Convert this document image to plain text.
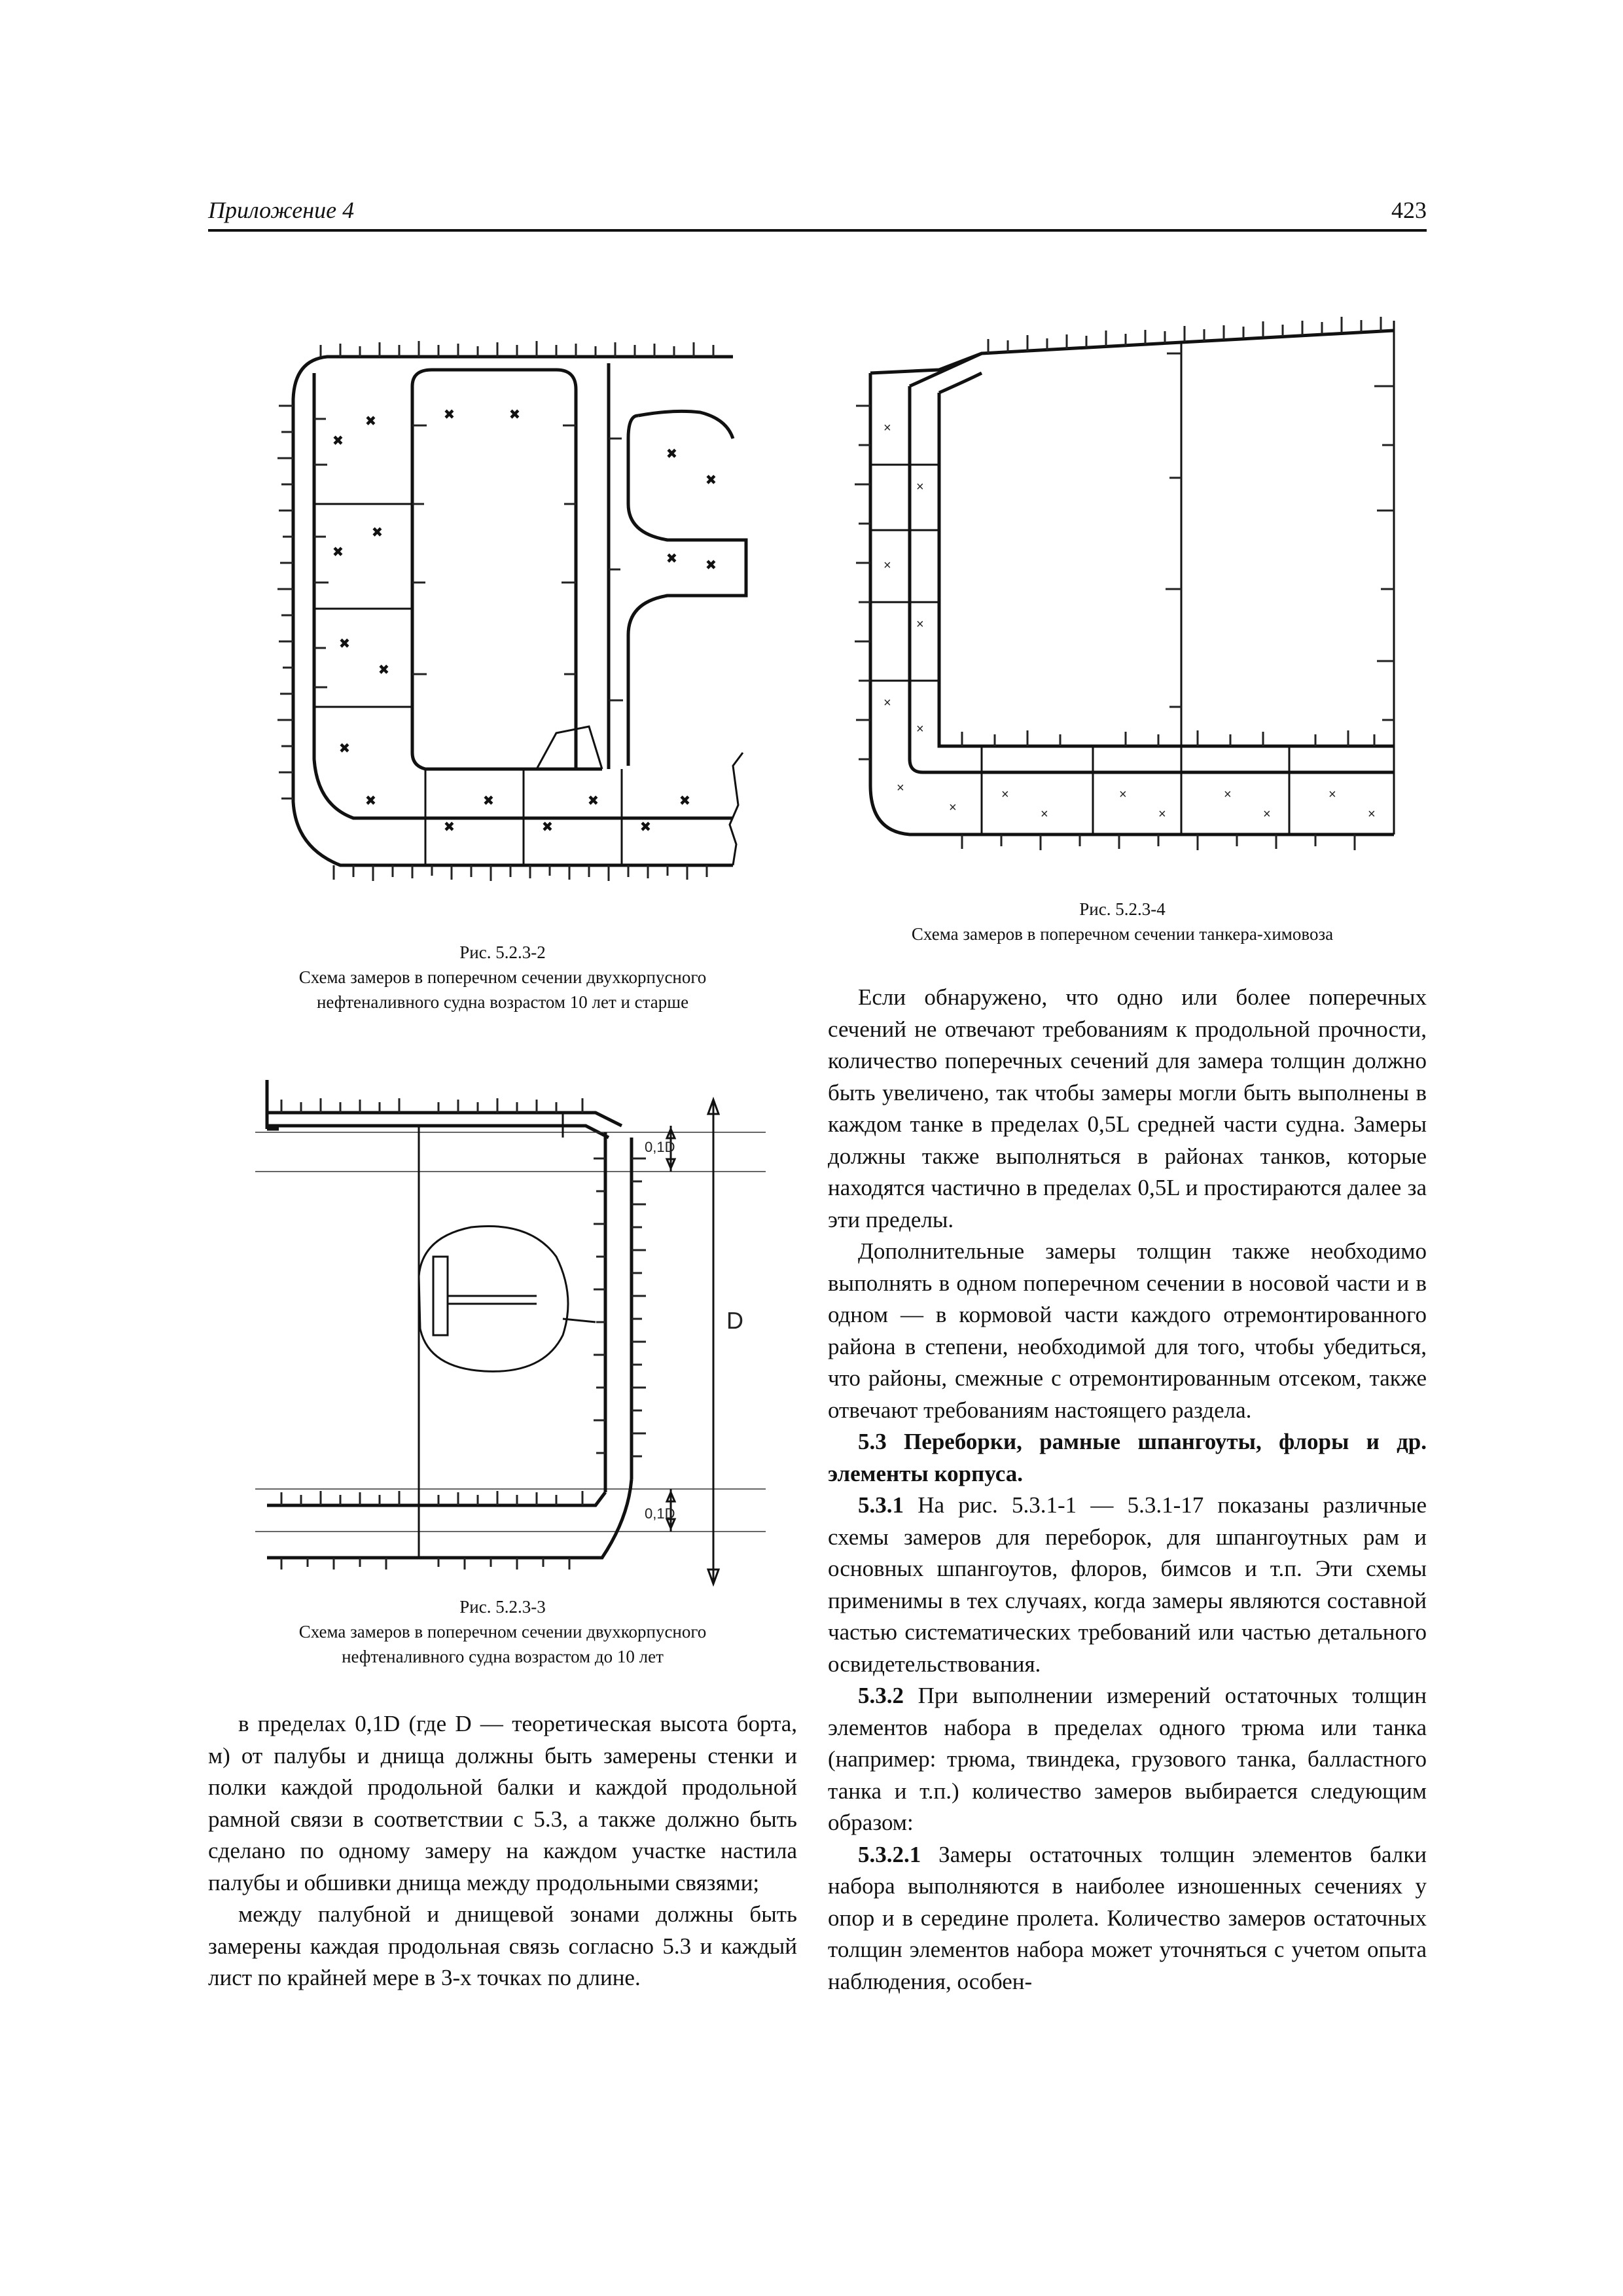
Приложение 4	423
×
×
×
×
×
×
×
×	×
×
×
×
×
×
×
× ×
×
×
×
Рис. 5.2.3-2
Схема замеров в поперечном сечении двухкорпусного
нефтеналивного судна возрастом 10 лет и старше
×
×
×
×
×
×
×
×
×
×
×
×
×
×
×
×
Рис. 5.2.3-4
Схема замеров в поперечном сечении танкера-химовоза
0,1D
D
0,1D
Рис. 5.2.3-3
Схема замеров в поперечном сечении двухкорпусного
нефтеналивного судна возрастом до 10 лет

в пределах 0,1D (где D — теоретическая высота борта, м) от палубы и днища должны быть замерены стенки и полки каждой продольной балки и каждой продольной рамной связи в соответствии с 5.3, а также должно быть сделано по одному замеру на каждом участке настила палубы и обшивки днища между продольными связями;

между палубной и днищевой зонами должны быть замерены каждая продольная связь согласно 5.3 и каждый лист по крайней мере в 3-х точках по длине.

Если обнаружено, что одно или более поперечных сечений не отвечают требованиям к продольной прочности, количество поперечных сечений для замера толщин должно быть увеличено, так чтобы замеры могли быть выполнены в каждом танке в пределах 0,5L средней части судна. Замеры должны также выполняться в районах танков, которые находятся частично в пределах 0,5L и простираются далее за эти пределы.

Дополнительные замеры толщин также необходимо выполнять в одном поперечном сечении в носовой части и в одном — в кормовой части каждого отремонтированного района в степени, необходимой для того, чтобы убедиться, что районы, смежные с отремонтированным отсеком, также отвечают требованиям настоящего раздела.

5.3 Переборки, рамные шпангоуты, флоры и др. элементы корпуса.

5.3.1 На рис. 5.3.1-1 — 5.3.1-17 показаны различные схемы замеров для переборок, для шпангоутных рам и основных шпангоутов, флоров, бимсов и т.п. Эти схемы применимы в тех случаях, когда замеры являются составной частью систематических требований или частью детального освидетельствования.

5.3.2 При выполнении измерений остаточных толщин элементов набора в пределах одного трюма или танка (например: трюма, твиндека, грузового танка, балластного танка и т.п.) количество замеров выбирается следующим образом:

5.3.2.1 Замеры остаточных толщин элементов балки набора выполняются в наиболее изношенных сечениях у опор и в середине пролета. Количество замеров остаточных толщин элементов набора может уточняться с учетом опыта наблюдения, особен-
